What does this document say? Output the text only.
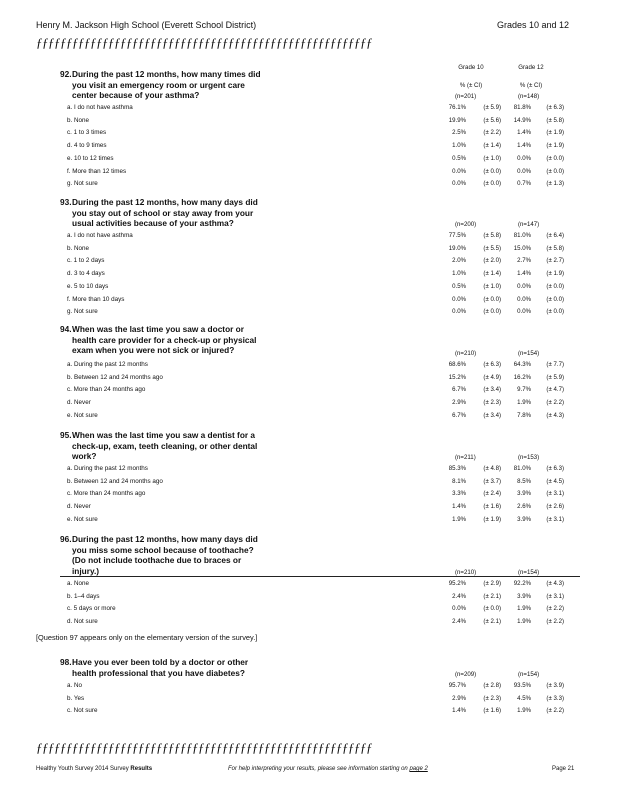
Henry M. Jackson High School (Everett School District)	Grades 10 and 12
ƒƒƒƒƒƒƒƒƒƒƒƒƒƒƒƒƒƒƒƒƒƒƒƒƒƒƒƒƒƒƒƒƒƒƒƒƒƒƒƒƒƒƒƒƒƒƒƒƒƒƒƒƒƒƒƒ
Grade 10	Grade 12
% (± CI)	% (± CI)
92. During the past 12 months, how many times did
you visit an emergency room or urgent care
center because of your asthma?	(n=201)	(n=148)
a. I do not have asthma	76.1%	(± 5.9)	81.8%	(± 6.3)
b. None	19.9%	(± 5.6)	14.9%	(± 5.8)
c. 1 to 3 times	2.5%	(± 2.2)	1.4%	(± 1.9)
d. 4 to 9 times	1.0%	(± 1.4)	1.4%	(± 1.9)
e. 10 to 12 times	0.5%	(± 1.0)	0.0%	(± 0.0)
f. More than 12 times	0.0%	(± 0.0)	0.0%	(± 0.0)
g. Not sure	0.0%	(± 0.0)	0.7%	(± 1.3)
93. During the past 12 months, how many days did
you stay out of school or stay away from your
usual activities because of your asthma?	(n=200)	(n=147)
a. I do not have asthma	77.5%	(± 5.8)	81.0%	(± 6.4)
b. None	19.0%	(± 5.5)	15.0%	(± 5.8)
c. 1 to 2 days	2.0%	(± 2.0)	2.7%	(± 2.7)
d. 3 to 4 days	1.0%	(± 1.4)	1.4%	(± 1.9)
e. 5 to 10 days	0.5%	(± 1.0)	0.0%	(± 0.0)
f. More than 10 days	0.0%	(± 0.0)	0.0%	(± 0.0)
g. Not sure	0.0%	(± 0.0)	0.0%	(± 0.0)
94. When was the last time you saw a doctor or
health care provider for a check-up or physical
exam when you were not sick or injured?	(n=210)	(n=154)
a. During the past 12 months	68.6%	(± 6.3)	64.3%	(± 7.7)
b. Between 12 and 24 months ago	15.2%	(± 4.9)	16.2%	(± 5.9)
c. More than 24 months ago	6.7%	(± 3.4)	9.7%	(± 4.7)
d. Never	2.9%	(± 2.3)	1.9%	(± 2.2)
e. Not sure	6.7%	(± 3.4)	7.8%	(± 4.3)
95. When was the last time you saw a dentist for a
check-up, exam, teeth cleaning, or other dental
work?	(n=211)	(n=153)
a. During the past 12 months	85.3%	(± 4.8)	81.0%	(± 6.3)
b. Between 12 and 24 months ago	8.1%	(± 3.7)	8.5%	(± 4.5)
c. More than 24 months ago	3.3%	(± 2.4)	3.9%	(± 3.1)
d. Never	1.4%	(± 1.6)	2.6%	(± 2.6)
e. Not sure	1.9%	(± 1.9)	3.9%	(± 3.1)
96. During the past 12 months, how many days did
you miss some school because of toothache?
(Do not include toothache due to braces or
injury.)	(n=210)	(n=154)
a. None	95.2%	(± 2.9)	92.2%	(± 4.3)
b. 1–4 days	2.4%	(± 2.1)	3.9%	(± 3.1)
c. 5 days or more	0.0%	(± 0.0)	1.9%	(± 2.2)
d. Not sure	2.4%	(± 2.1)	1.9%	(± 2.2)
98. Have you ever been told by a doctor or other
health professional that you have diabetes?	(n=209)	(n=154)
a. No	95.7%	(± 2.8)	93.5%	(± 3.9)
b. Yes	2.9%	(± 2.3)	4.5%	(± 3.3)
c. Not sure	1.4%	(± 1.6)	1.9%	(± 2.2)
[Question 97 appears only on the elementary version of the survey.]
ƒƒƒƒƒƒƒƒƒƒƒƒƒƒƒƒƒƒƒƒƒƒƒƒƒƒƒƒƒƒƒƒƒƒƒƒƒƒƒƒƒƒƒƒƒƒƒƒƒƒƒƒƒƒƒƒ
Healthy Youth Survey 2014 Survey Results	For help interpreting your results, please see information starting on page 2	Page 21
